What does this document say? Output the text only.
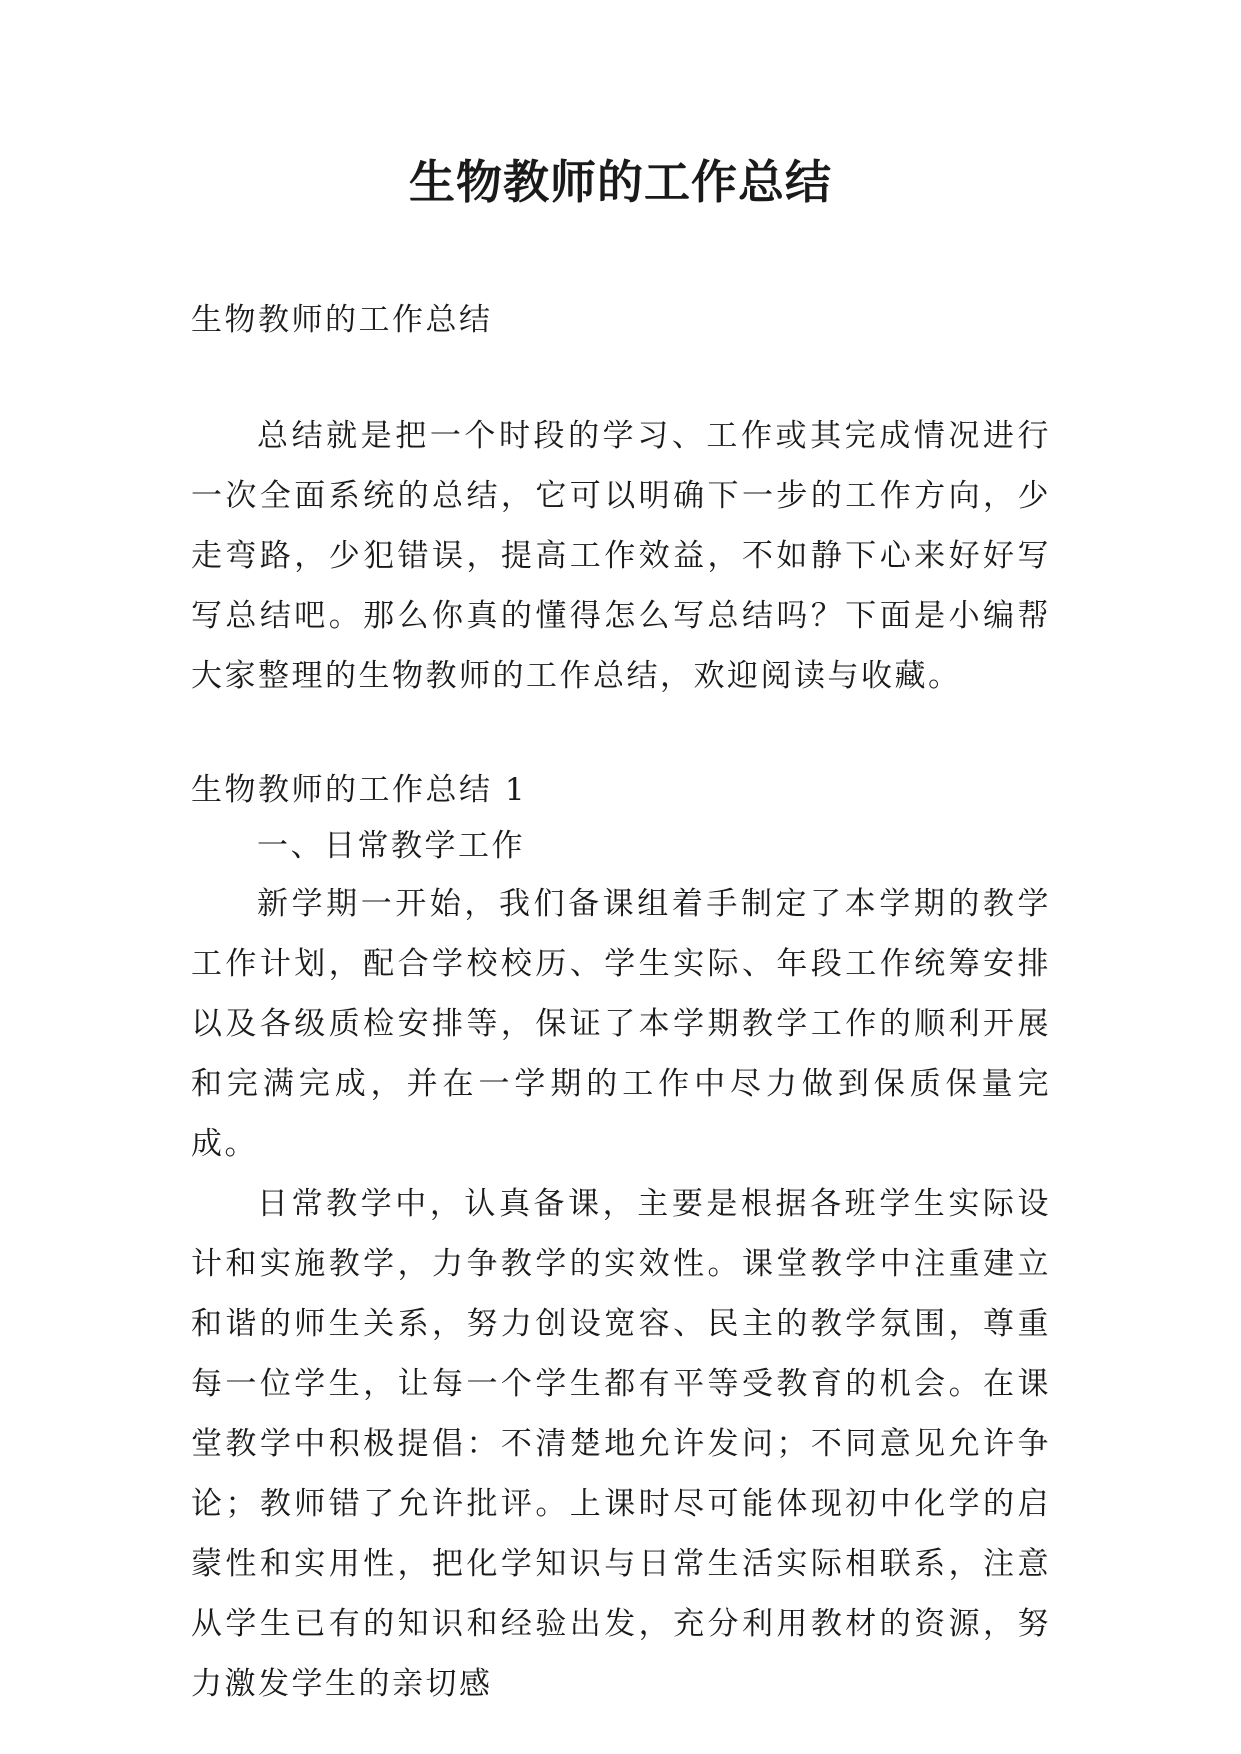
生物教师的工作总结

生物教师的工作总结

总结就是把一个时段的学习、工作或其完成情况进行一次全面系统的总结，它可以明确下一步的工作方向，少走弯路，少犯错误，提高工作效益，不如静下心来好好写写总结吧。那么你真的懂得怎么写总结吗？下面是小编帮大家整理的生物教师的工作总结，欢迎阅读与收藏。

生物教师的工作总结 1

一、日常教学工作

新学期一开始，我们备课组着手制定了本学期的教学工作计划，配合学校校历、学生实际、年段工作统筹安排以及各级质检安排等，保证了本学期教学工作的顺利开展和完满完成，并在一学期的工作中尽力做到保质保量完成。

日常教学中，认真备课，主要是根据各班学生实际设计和实施教学，力争教学的实效性。课堂教学中注重建立和谐的师生关系，努力创设宽容、民主的教学氛围，尊重每一位学生，让每一个学生都有平等受教育的机会。在课堂教学中积极提倡：不清楚地允许发问；不同意见允许争论；教师错了允许批评。上课时尽可能体现初中化学的启蒙性和实用性，把化学知识与日常生活实际相联系，注意从学生已有的知识和经验出发，充分利用教材的资源，努力激发学生的亲切感
